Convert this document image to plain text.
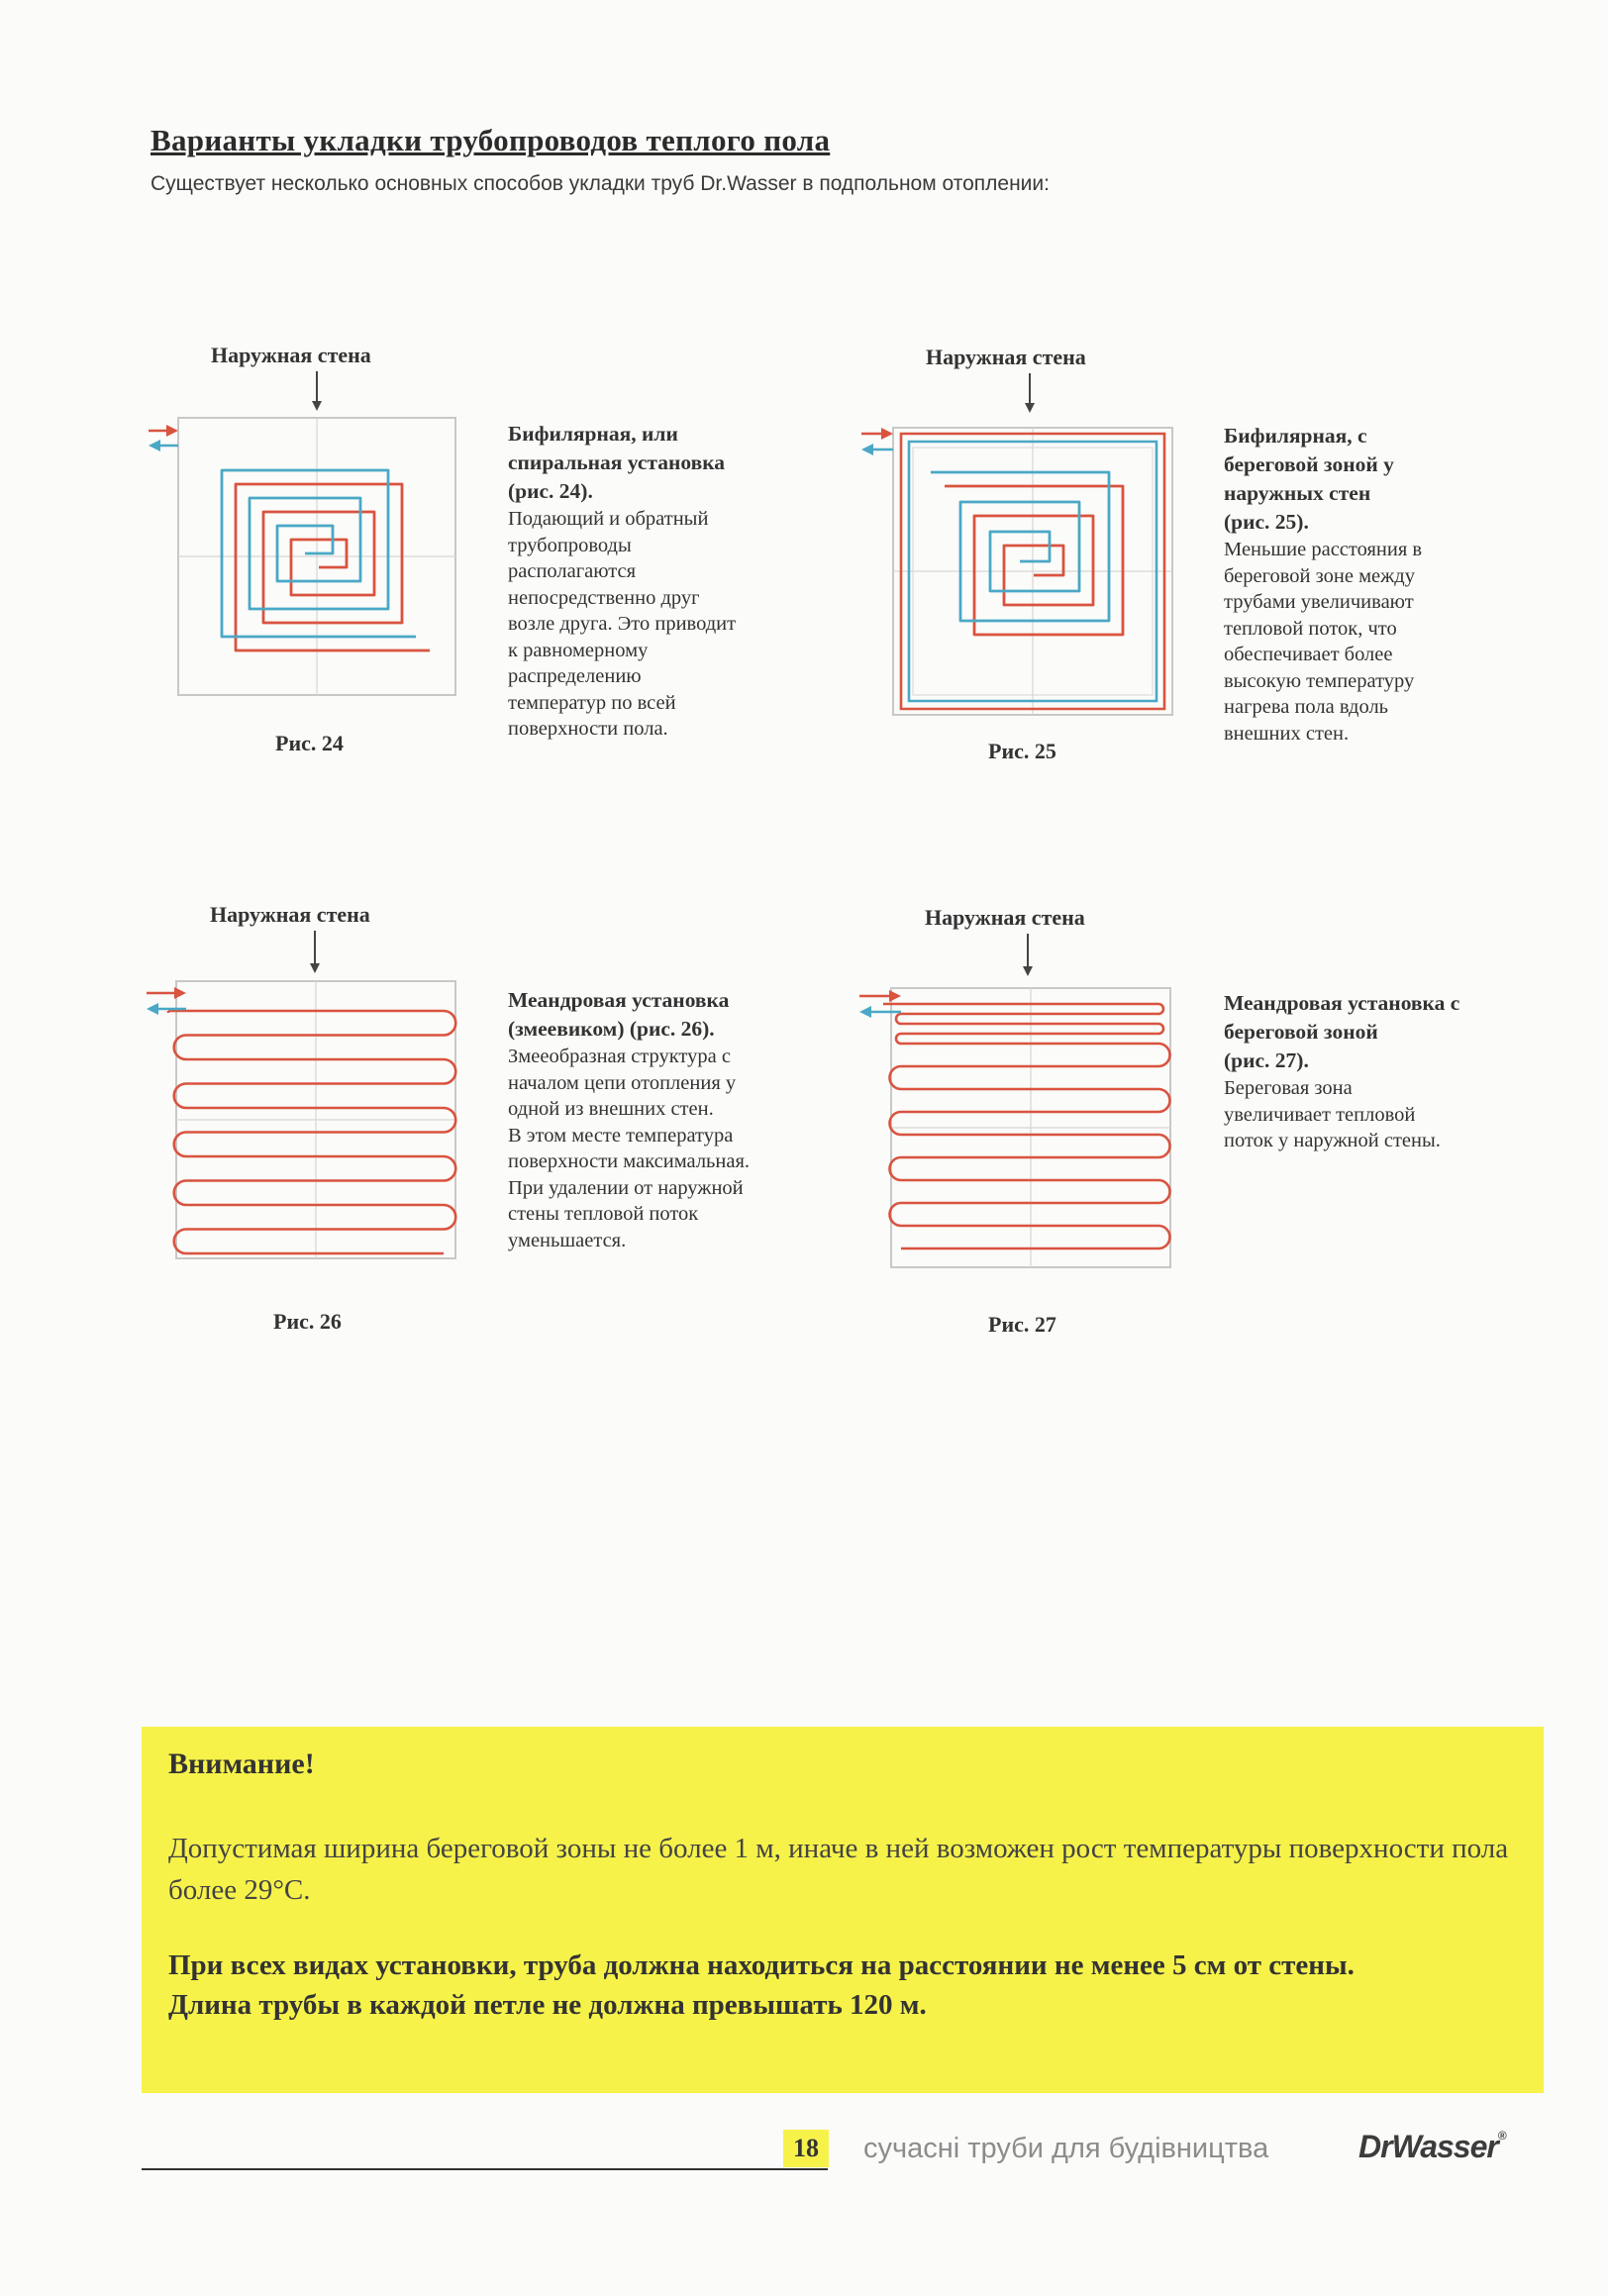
Варианты укладки трубопроводов теплого пола
Существует несколько основных способов укладки труб Dr.Wasser в подпольном отоплении:
Наружная стена
Рис. 24
Бифилярная, или
спиральная установка
(рис. 24).
Подающий и обратный
трубопроводы
располагаются
непосредственно друг
возле друга. Это приводит
к равномерному
распределению
температур по всей
поверхности пола.
Наружная стена
Рис. 25
Бифилярная, с
береговой зоной у
наружных стен
(рис. 25).
Меньшие расстояния в
береговой зоне между
трубами увеличивают
тепловой поток, что
обеспечивает более
высокую температуру
нагрева пола вдоль
внешних стен.
Наружная стена
Рис. 26
Меандровая установка
(змеевиком) (рис. 26).
Змееобразная структура с
началом цепи отопления у
одной из внешних стен.
В этом месте температура
поверхности максимальная.
При удалении от наружной
стены тепловой поток
уменьшается.
Наружная стена
Рис. 27
Меандровая установка с
береговой зоной
(рис. 27).
Береговая зона
увеличивает тепловой
поток у наружной стены.
Внимание!
Допустимая ширина береговой зоны не более 1 м, иначе в ней возможен рост температуры поверхности пола более 29°С.
При всех видах установки, труба должна находиться на расстоянии не менее 5 см от стены.
Длина трубы в каждой петле не должна превышать 120 м.
18	сучасні труби для будівництва	DrWasser®
